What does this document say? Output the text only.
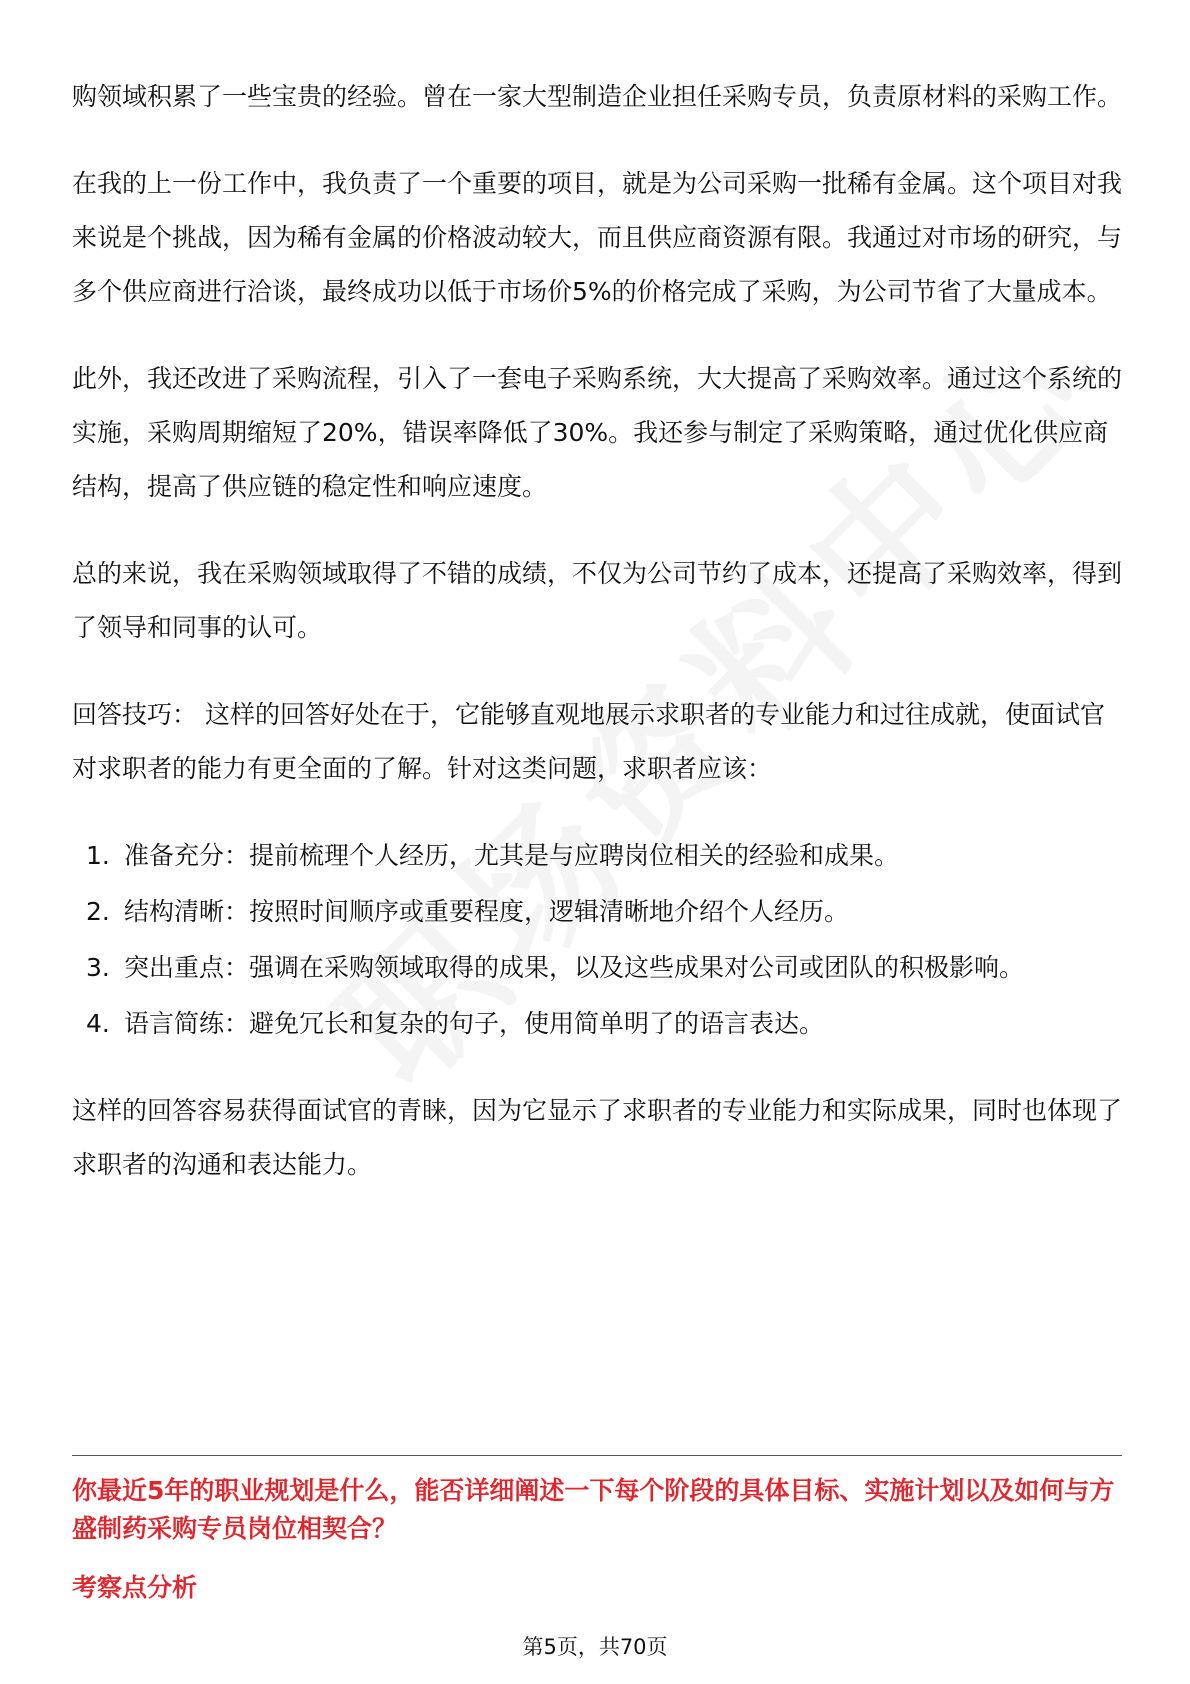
购领域积累了一些宝贵的经验。曾在一家大型制造企业担任采购专员，负责原材料的采购工作。

在我的上一份工作中，我负责了一个重要的项目，就是为公司采购一批稀有金属。这个项目对我来说是个挑战，因为稀有金属的价格波动较大，而且供应商资源有限。我通过对市场的研究，与多个供应商进行洽谈，最终成功以低于市场价5%的价格完成了采购，为公司节省了大量成本。

此外，我还改进了采购流程，引入了一套电子采购系统，大大提高了采购效率。通过这个系统的实施，采购周期缩短了20%，错误率降低了30%。我还参与制定了采购策略，通过优化供应商结构，提高了供应链的稳定性和响应速度。

总的来说，我在采购领域取得了不错的成绩，不仅为公司节约了成本，还提高了采购效率，得到了领导和同事的认可。

回答技巧： 这样的回答好处在于，它能够直观地展示求职者的专业能力和过往成就，使面试官对求职者的能力有更全面的了解。针对这类问题，求职者应该：

1. 准备充分：提前梳理个人经历，尤其是与应聘岗位相关的经验和成果。
2. 结构清晰：按照时间顺序或重要程度，逻辑清晰地介绍个人经历。
3. 突出重点：强调在采购领域取得的成果，以及这些成果对公司或团队的积极影响。
4. 语言简练：避免冗长和复杂的句子，使用简单明了的语言表达。

这样的回答容易获得面试官的青睐，因为它显示了求职者的专业能力和实际成果，同时也体现了求职者的沟通和表达能力。

你最近5年的职业规划是什么，能否详细阐述一下每个阶段的具体目标、实施计划以及如何与方盛制药采购专员岗位相契合？
考察点分析
第5页，共70页
